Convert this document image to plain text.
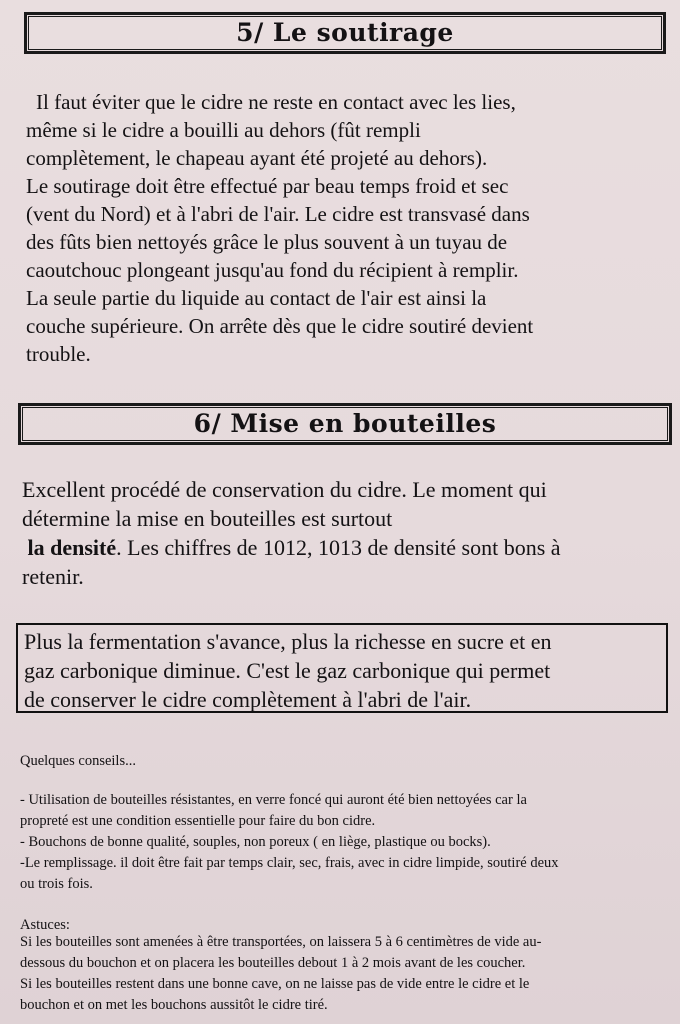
5/ Le soutirage
Il faut éviter que le cidre ne reste en contact avec les lies,
même si le cidre a bouilli au dehors (fût rempli
complètement, le chapeau ayant été projeté au dehors).
Le soutirage doit être effectué par beau temps froid et sec
(vent du Nord) et à l'abri de l'air. Le cidre est transvasé dans
des fûts bien nettoyés grâce le plus souvent à un tuyau de
caoutchouc plongeant jusqu'au fond du récipient à remplir.
La seule partie du liquide au contact de l'air est ainsi la
couche supérieure. On arrête dès que le cidre soutiré devient
trouble.
6/ Mise en bouteilles
Excellent procédé de conservation du cidre. Le moment qui
détermine la mise en bouteilles est surtout
la densité. Les chiffres de 1012, 1013 de densité sont bons à
retenir.
Plus la fermentation s'avance, plus la richesse en sucre et en
gaz carbonique diminue. C'est le gaz carbonique qui permet
de conserver le cidre complètement à l'abri de l'air.
Quelques conseils...
- Utilisation de bouteilles résistantes, en verre foncé qui auront été bien nettoyées car la
propreté est une condition essentielle pour faire du bon cidre.
- Bouchons de bonne qualité, souples, non poreux ( en liège, plastique ou bocks).
-Le remplissage. il doit être fait par temps clair, sec, frais, avec in cidre limpide, soutiré deux
ou trois fois.
Astuces:
Si les bouteilles sont amenées à être transportées, on laissera 5 à 6 centimètres de vide au-
dessous du bouchon et on placera les bouteilles debout 1 à 2 mois avant de les coucher.
Si les bouteilles restent dans une bonne cave, on ne laisse pas de vide entre le cidre et le
bouchon et on met les bouchons aussitôt le cidre tiré.
